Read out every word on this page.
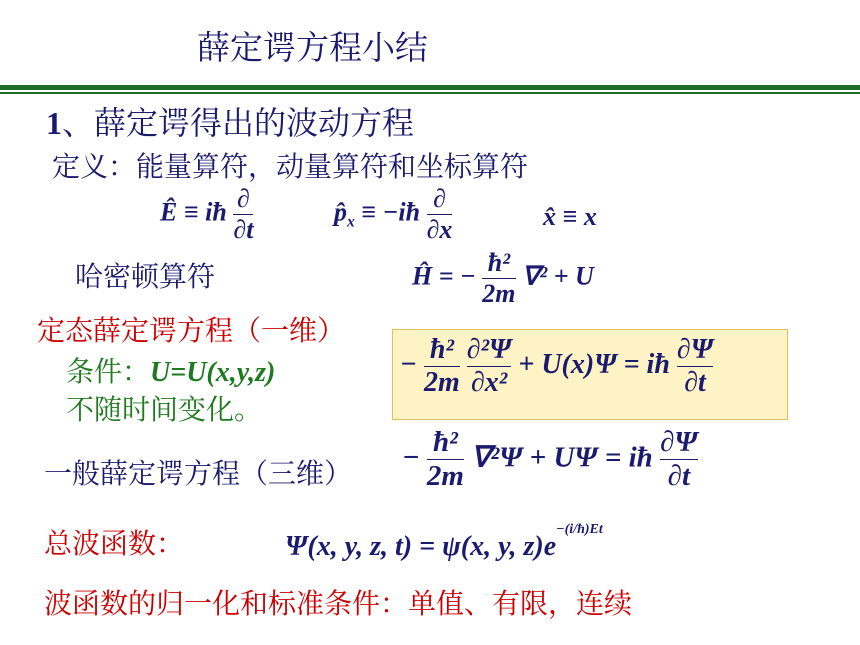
薛定谔方程小结
1、薛定谔得出的波动方程
定义：能量算符，动量算符和坐标算符
Ê ≡ iħ $\frac{\partial}{\partial t}$	$p̂_x$ ≡ −iħ $\frac{\partial}{\partial x}$	x̂ ≡ x
哈密顿算符	Ĥ = − $\frac{\text{ħ²}}{2m} \nabla^2 + U$
定态薛定谔方程（一维）
条件：U=U(x,y,z)
不随时间变化。
− $\frac{\text{ħ²}}{2m}$
$\frac{\text{∂²Ψ}}{\text{∂x²}} + U(x)\Psi$ = iħ $\frac{\partial\Psi}{\partial t}$
一般薛定谔方程（三维） − $\frac{\text{ħ²}}{2m} \nabla^2\Psi + U\Psi$ = iħ $\frac{\partial\Psi}{\partial t}$
总波函数：	Ψ(x, y, z, t) = ψ(x, y, $z)e^{-(i/ħ)Et}$
波函数的归一化和标准条件：单值、有限，连续
